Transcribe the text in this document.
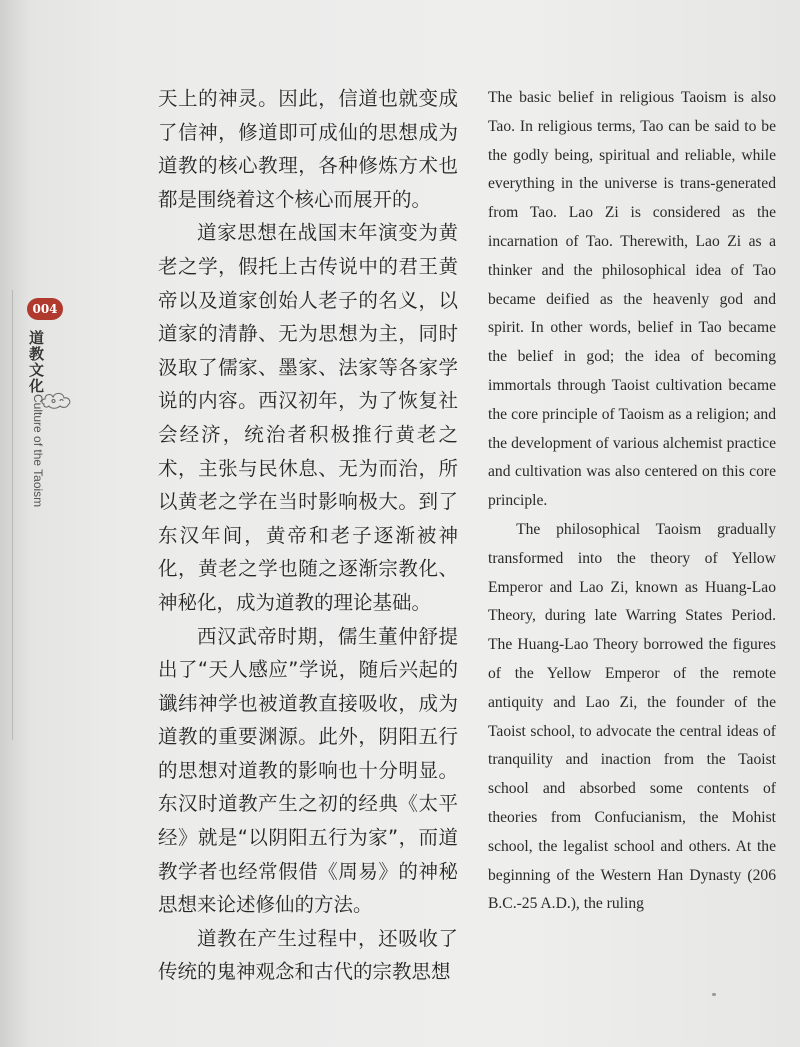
004
道教文化
Culture of the Taoism

天上的神灵。因此，信道也就变成了信神，修道即可成仙的思想成为道教的核心教理，各种修炼方术也都是围绕着这个核心而展开的。

道家思想在战国末年演变为黄老之学，假托上古传说中的君王黄帝以及道家创始人老子的名义，以道家的清静、无为思想为主，同时汲取了儒家、墨家、法家等各家学说的内容。西汉初年，为了恢复社会经济，统治者积极推行黄老之术，主张与民休息、无为而治，所以黄老之学在当时影响极大。到了东汉年间，黄帝和老子逐渐被神化，黄老之学也随之逐渐宗教化、神秘化，成为道教的理论基础。

西汉武帝时期，儒生董仲舒提出了“天人感应”学说，随后兴起的谶纬神学也被道教直接吸收，成为道教的重要渊源。此外，阴阳五行的思想对道教的影响也十分明显。东汉时道教产生之初的经典《太平经》就是“以阴阳五行为家”，而道教学者也经常假借《周易》的神秘思想来论述修仙的方法。

道教在产生过程中，还吸收了传统的鬼神观念和古代的宗教思想

The basic belief in religious Taoism is also Tao. In religious terms, Tao can be said to be the godly being, spiritual and reliable, while everything in the universe is trans-generated from Tao. Lao Zi is considered as the incarnation of Tao. Therewith, Lao Zi as a thinker and the philosophical idea of Tao became deified as the heavenly god and spirit. In other words, belief in Tao became the belief in god; the idea of becoming immortals through Taoist cultivation became the core principle of Taoism as a religion; and the development of various alchemist practice and cultivation was also centered on this core principle.

The philosophical Taoism gradually transformed into the theory of Yellow Emperor and Lao Zi, known as Huang-Lao Theory, during late Warring States Period. The Huang-Lao Theory borrowed the figures of the Yellow Emperor of the remote antiquity and Lao Zi, the founder of the Taoist school, to advocate the central ideas of tranquility and inaction from the Taoist school and absorbed some contents of theories from Confucianism, the Mohist school, the legalist school and others. At the beginning of the Western Han Dynasty (206 B.C.-25 A.D.), the ruling
